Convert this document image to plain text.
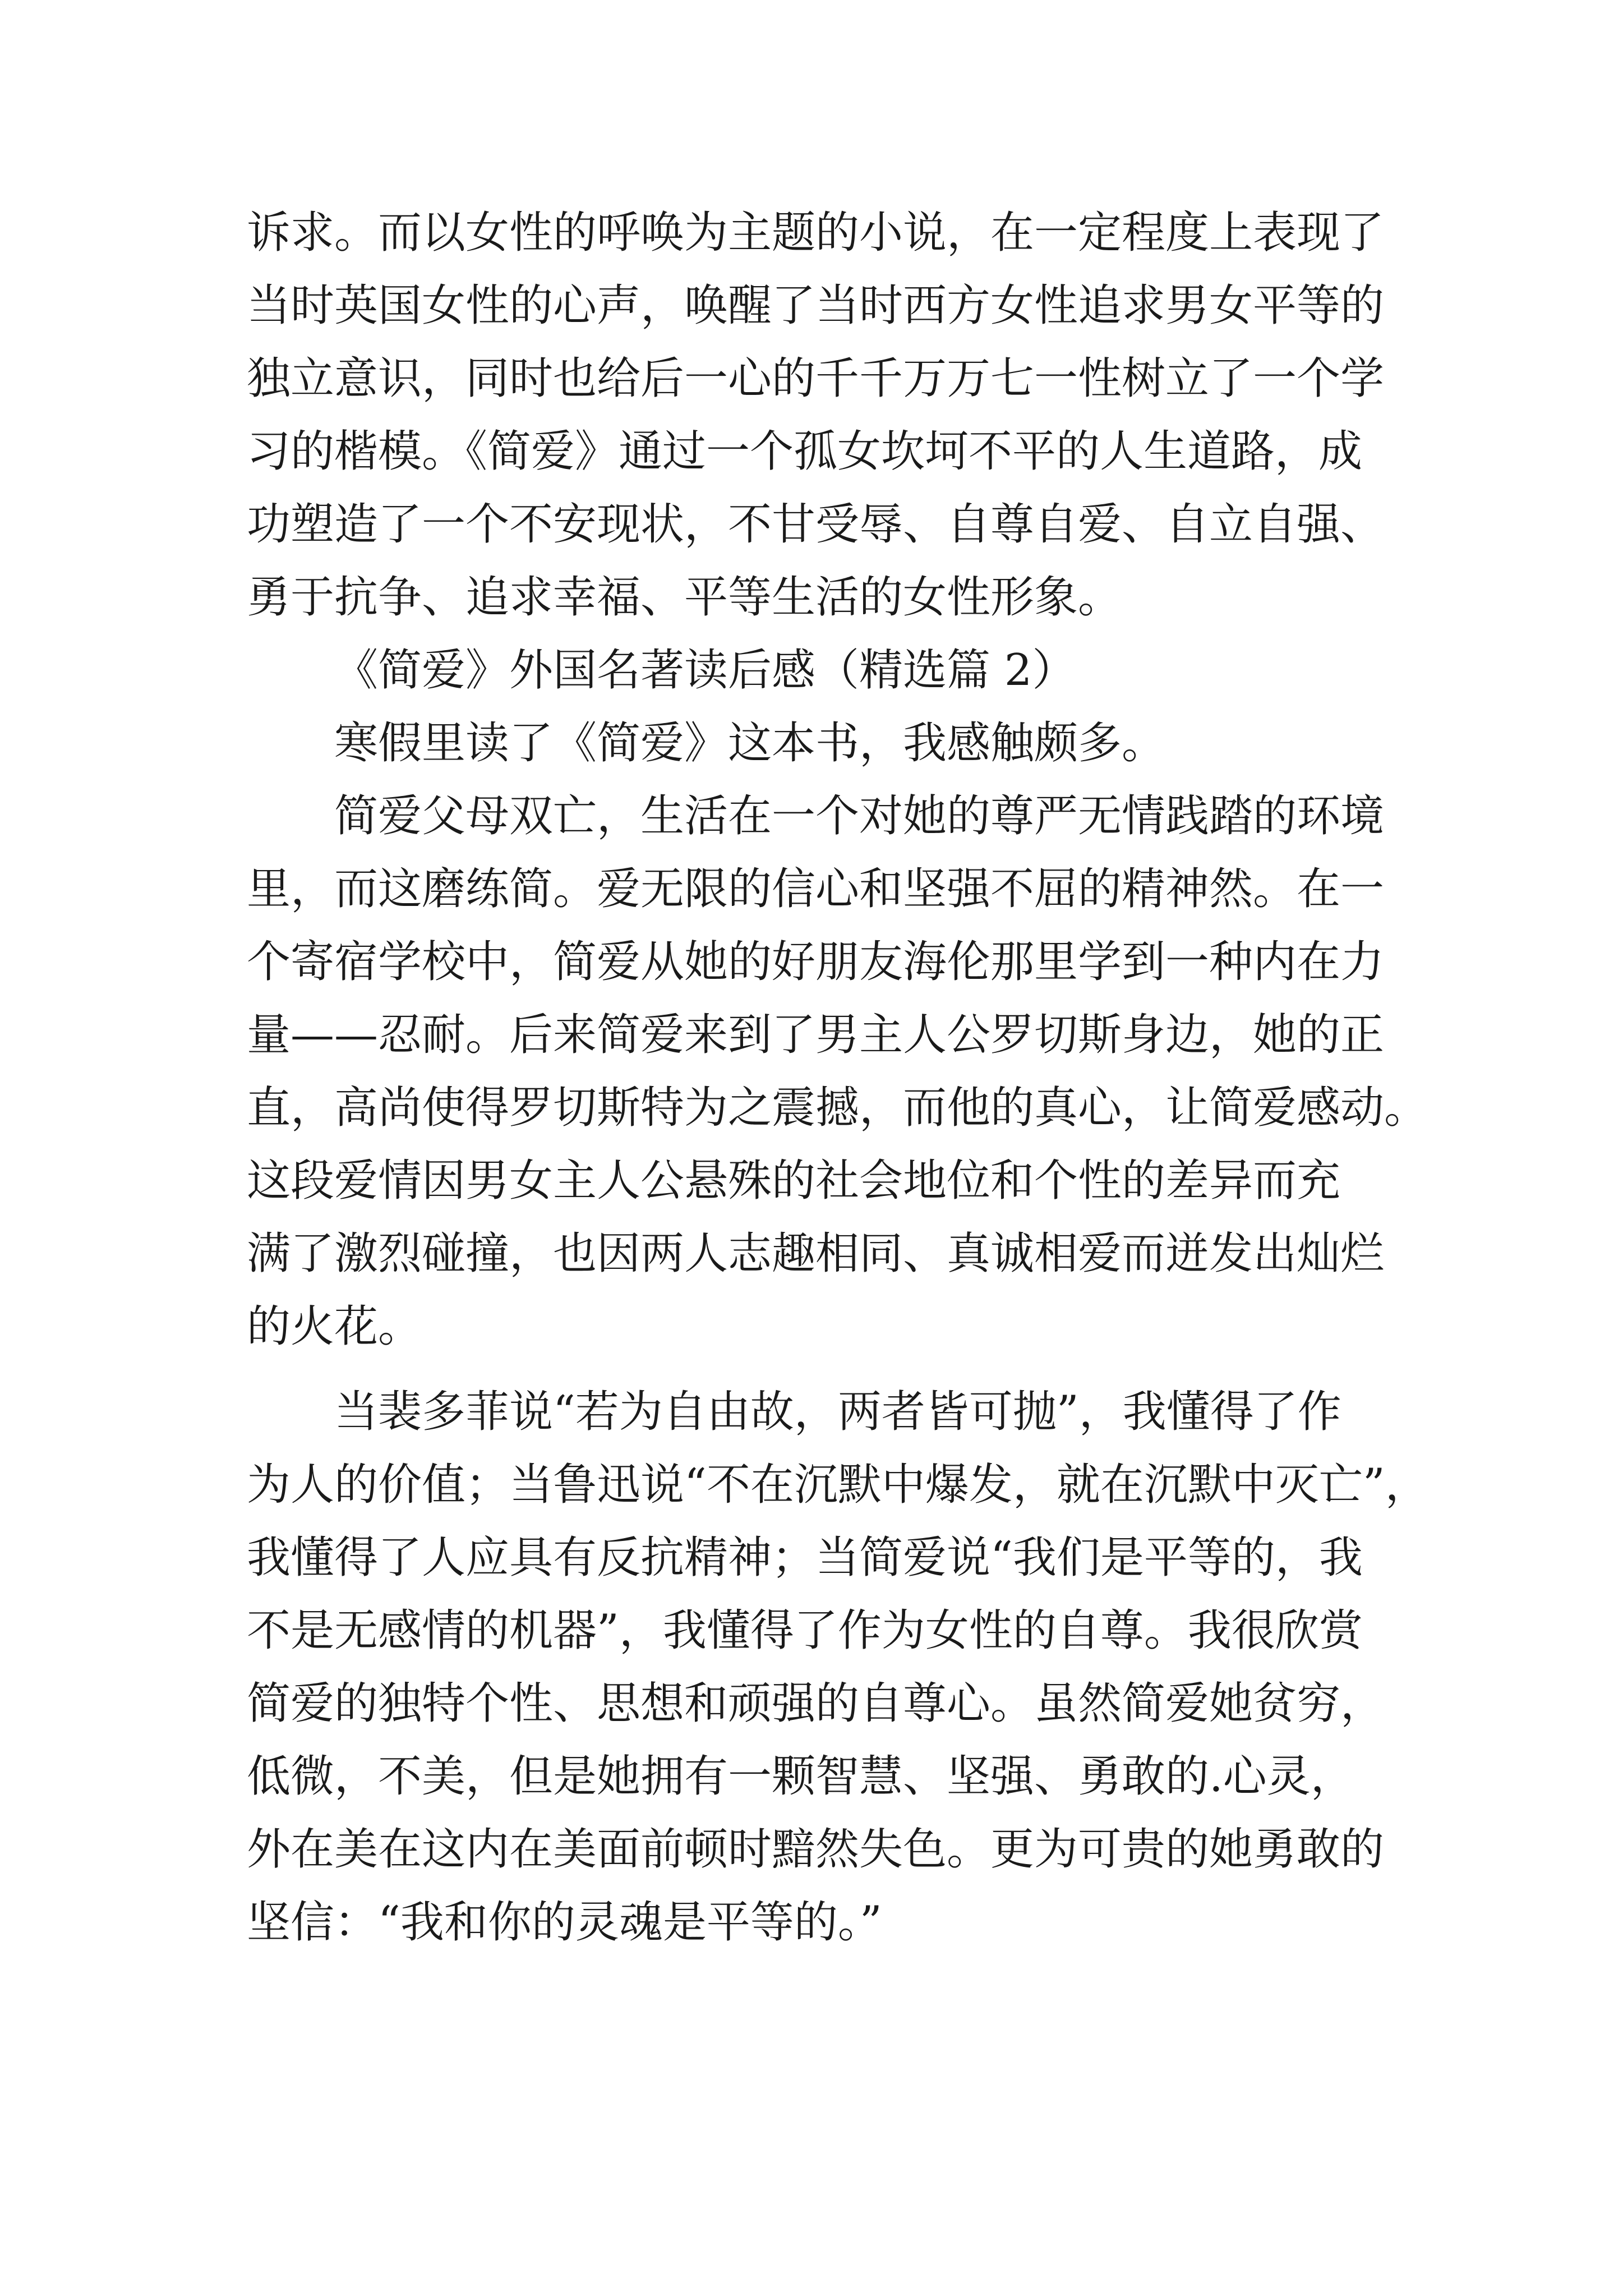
诉求。而以女性的呼唤为主题的小说，在一定程度上表现了
当时英国女性的心声，唤醒了当时西方女性追求男女平等的
独立意识，同时也给后一心的千千万万七一性树立了一个学
习的楷模。《简爱》通过一个孤女坎坷不平的人生道路，成
功塑造了一个不安现状，不甘受辱、自尊自爱、自立自强、
勇于抗争、追求幸福、平等生活的女性形象。
《简爱》外国名著读后感（精选篇 2）
寒假里读了《简爱》这本书，我感触颇多。
简爱父母双亡，生活在一个对她的尊严无情践踏的环境
里，而这磨练简。爱无限的信心和坚强不屈的精神然。在一
个寄宿学校中，简爱从她的好朋友海伦那里学到一种内在力
量——忍耐。后来简爱来到了男主人公罗切斯身边，她的正
直，高尚使得罗切斯特为之震撼，而他的真心，让简爱感动。
这段爱情因男女主人公悬殊的社会地位和个性的差异而充
满了激烈碰撞，也因两人志趣相同、真诚相爱而迸发出灿烂
的火花。
当裴多菲说“若为自由故，两者皆可抛”，我懂得了作
为人的价值；当鲁迅说“不在沉默中爆发，就在沉默中灭亡”，
我懂得了人应具有反抗精神；当简爱说“我们是平等的，我
不是无感情的机器”，我懂得了作为女性的自尊。我很欣赏
简爱的独特个性、思想和顽强的自尊心。虽然简爱她贫穷，
低微，不美，但是她拥有一颗智慧、坚强、勇敢的.心灵，
外在美在这内在美面前顿时黯然失色。更为可贵的她勇敢的
坚信：“我和你的灵魂是平等的。”
